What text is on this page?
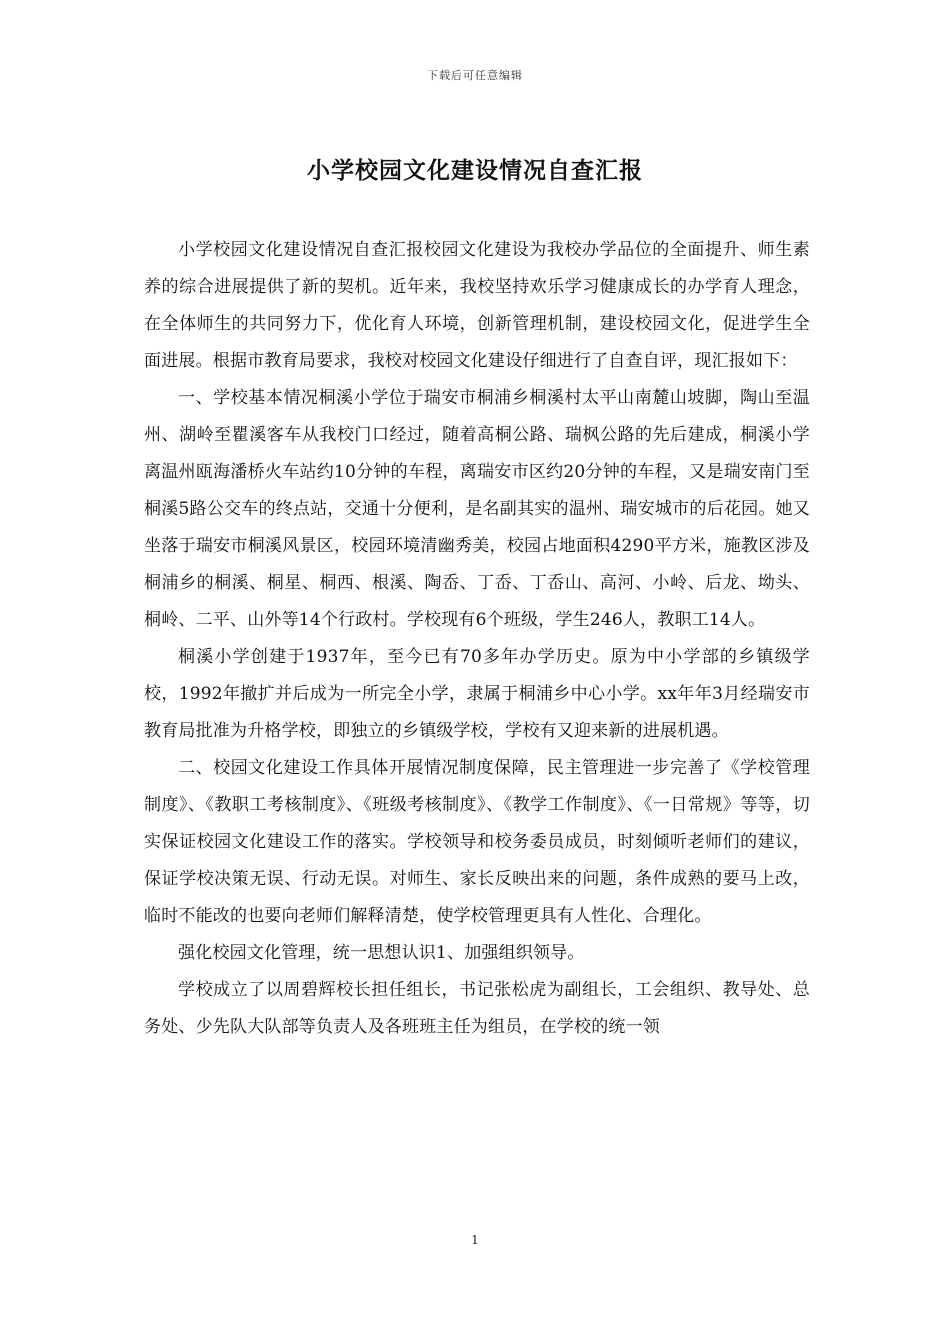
下载后可任意编辑
小学校园文化建设情况自查汇报

小学校园文化建设情况自查汇报校园文化建设为我校办学品位的全面提升、师生素养的综合进展提供了新的契机。近年来，我校坚持欢乐学习健康成长的办学育人理念，在全体师生的共同努力下，优化育人环境，创新管理机制，建设校园文化，促进学生全面进展。根据市教育局要求，我校对校园文化建设仔细进行了自查自评，现汇报如下：

一、学校基本情况桐溪小学位于瑞安市桐浦乡桐溪村太平山南麓山坡脚，陶山至温州、湖岭至瞿溪客车从我校门口经过，随着高桐公路、瑞枫公路的先后建成，桐溪小学离温州瓯海潘桥火车站约10分钟的车程，离瑞安市区约20分钟的车程，又是瑞安南门至桐溪5路公交车的终点站，交通十分便利，是名副其实的温州、瑞安城市的后花园。她又坐落于瑞安市桐溪风景区，校园环境清幽秀美，校园占地面积4290平方米，施教区涉及桐浦乡的桐溪、桐星、桐西、根溪、陶岙、丁岙、丁岙山、高河、小岭、后龙、坳头、桐岭、二平、山外等14个行政村。学校现有6个班级，学生246人，教职工14人。

桐溪小学创建于1937年，至今已有70多年办学历史。原为中小学部的乡镇级学校，1992年撤扩并后成为一所完全小学，隶属于桐浦乡中心小学。xx年年3月经瑞安市教育局批准为升格学校，即独立的乡镇级学校，学校有又迎来新的进展机遇。

二、校园文化建设工作具体开展情况制度保障，民主管理进一步完善了《学校管理制度》、《教职工考核制度》、《班级考核制度》、《教学工作制度》、《一日常规》等等，切实保证校园文化建设工作的落实。学校领导和校务委员成员，时刻倾听老师们的建议，保证学校决策无误、行动无误。对师生、家长反映出来的问题，条件成熟的要马上改，临时不能改的也要向老师们解释清楚，使学校管理更具有人性化、合理化。

强化校园文化管理，统一思想认识1、加强组织领导。

学校成立了以周碧辉校长担任组长，书记张松虎为副组长，工会组织、教导处、总务处、少先队大队部等负责人及各班班主任为组员，在学校的统一领

1
